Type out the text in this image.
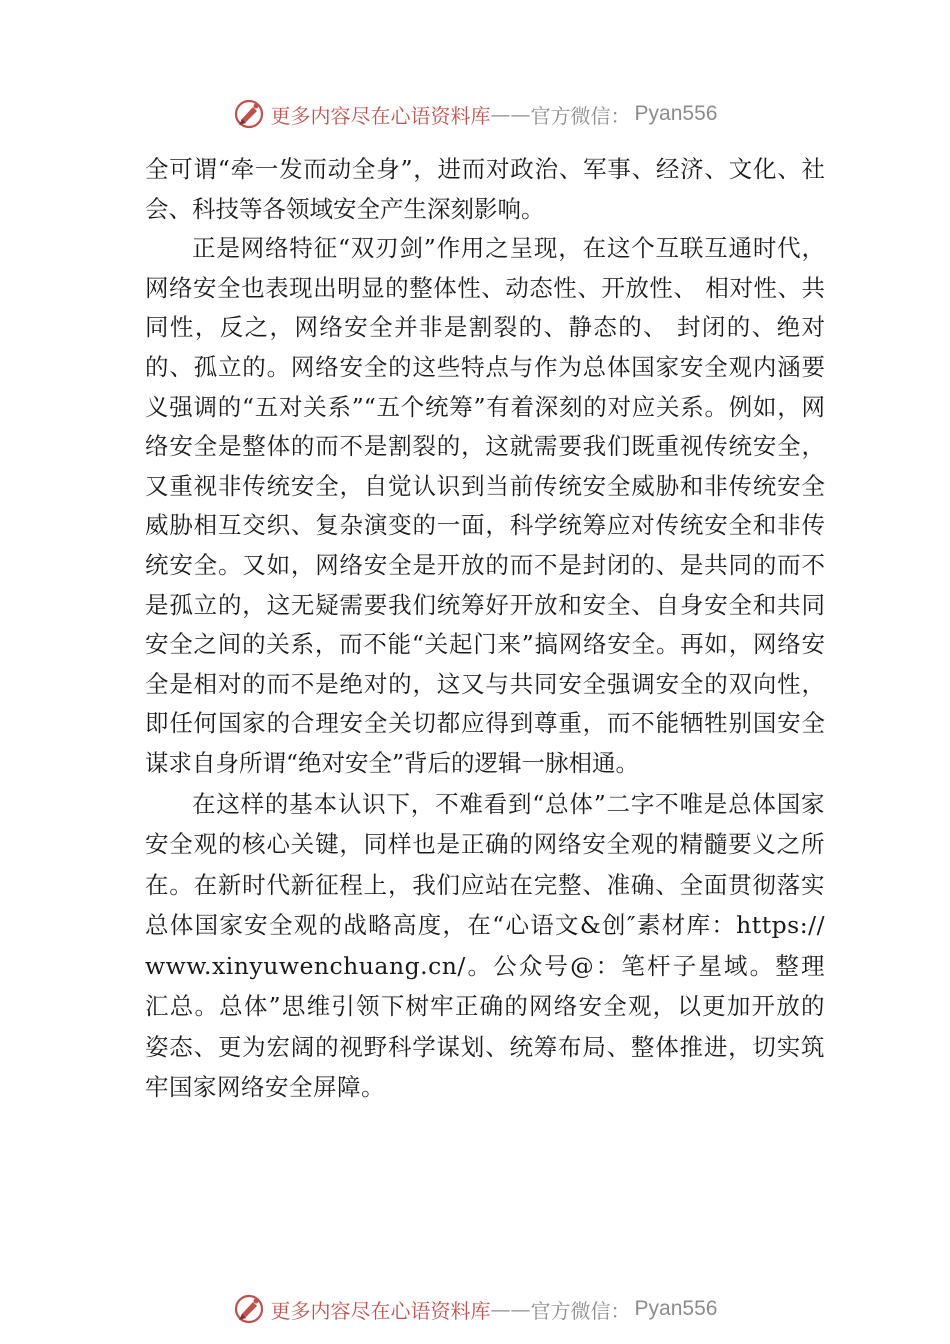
更多内容尽在心语资料库 —— 官方微信： Pyan556

全可谓“牵一发而动全身”，进而对政治、军事、经济、文化、社会、科技等各领域安全产生深刻影响。

正是网络特征“双刃剑”作用之呈现，在这个互联互通时代，网络安全也表现出明显的整体性、动态性、开放性、 相对性、共同性，反之，网络安全并非是割裂的、静态的、 封闭的、绝对的、孤立的。网络安全的这些特点与作为总体国家安全观内涵要义强调的“五对关系”“五个统筹”有着深刻的对应关系。例如，网络安全是整体的而不是割裂的，这就需要我们既重视传统安全，又重视非传统安全，自觉认识到当前传统安全威胁和非传统安全威胁相互交织、复杂演变的一面，科学统筹应对传统安全和非传统安全。又如，网络安全是开放的而不是封闭的、是共同的而不是孤立的，这无疑需要我们统筹好开放和安全、自身安全和共同安全之间的关系，而不能“关起门来”搞网络安全。再如，网络安全是相对的而不是绝对的，这又与共同安全强调安全的双向性， 即任何国家的合理安全关切都应得到尊重，而不能牺牲别国安全谋求自身所谓“绝对安全”背后的逻辑一脉相通。

在这样的基本认识下，不难看到“总体”二字不唯是总体国家安全观的核心关键，同样也是正确的网络安全观的精髓要义之所在。在新时代新征程上，我们应站在完整、准确、全面贯彻落实总体国家安全观的战略高度，在“心语文&创″素材库：https://www.xinyuwenchuang.cn/。公众号@：笔杆子星域。整理汇总。总体”思维引领下树牢正确的网络安全观，以更加开放的姿态、更为宏阔的视野科学谋划、统筹布局、整体推进，切实筑牢国家网络安全屏障。

更多内容尽在心语资料库 —— 官方微信： Pyan556
